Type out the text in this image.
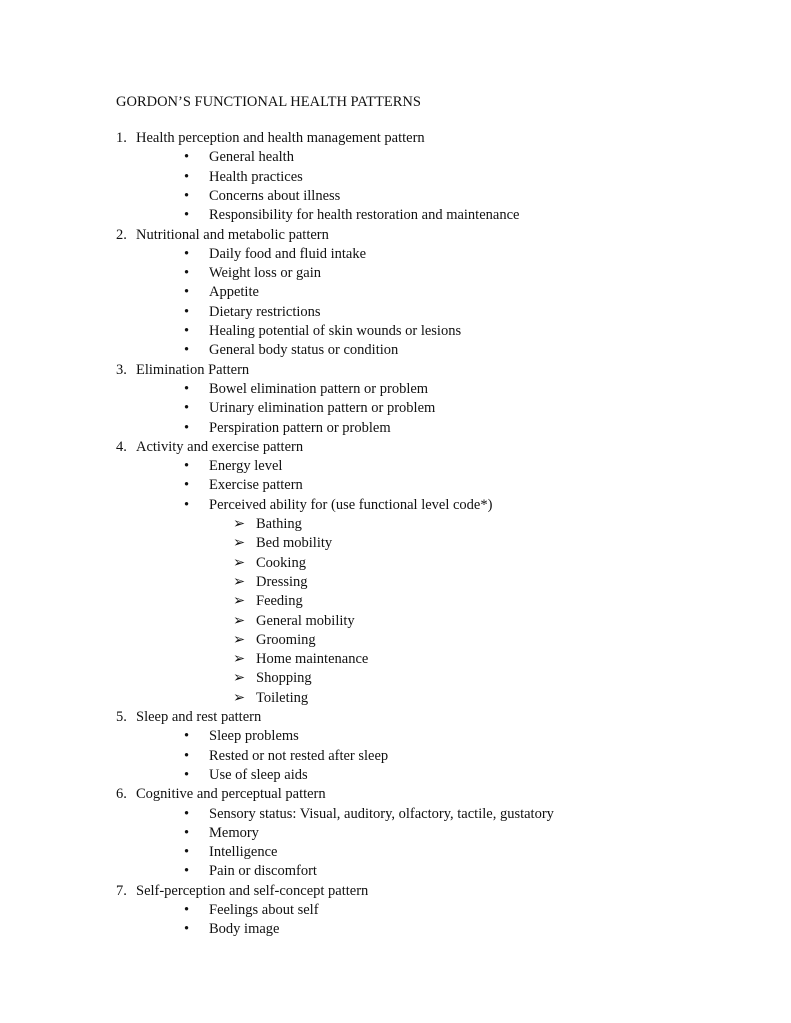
GORDON’S FUNCTIONAL HEALTH PATTERNS
1. Health perception and health management pattern
• General health
• Health practices
• Concerns about illness
• Responsibility for health restoration and maintenance
2. Nutritional and metabolic pattern
• Daily food and fluid intake
• Weight loss or gain
• Appetite
• Dietary restrictions
• Healing potential of skin wounds or lesions
• General body status or condition
3. Elimination Pattern
• Bowel elimination pattern or problem
• Urinary elimination pattern or problem
• Perspiration pattern or problem
4. Activity and exercise pattern
• Energy level
• Exercise pattern
• Perceived ability for (use functional level code*)
➢ Bathing
➢ Bed mobility
➢ Cooking
➢ Dressing
➢ Feeding
➢ General mobility
➢ Grooming
➢ Home maintenance
➢ Shopping
➢ Toileting
5. Sleep and rest pattern
• Sleep problems
• Rested or not rested after sleep
• Use of sleep aids
6. Cognitive and perceptual pattern
• Sensory status: Visual, auditory, olfactory, tactile, gustatory
• Memory
• Intelligence
• Pain or discomfort
7. Self-perception and self-concept pattern
• Feelings about self
• Body image
